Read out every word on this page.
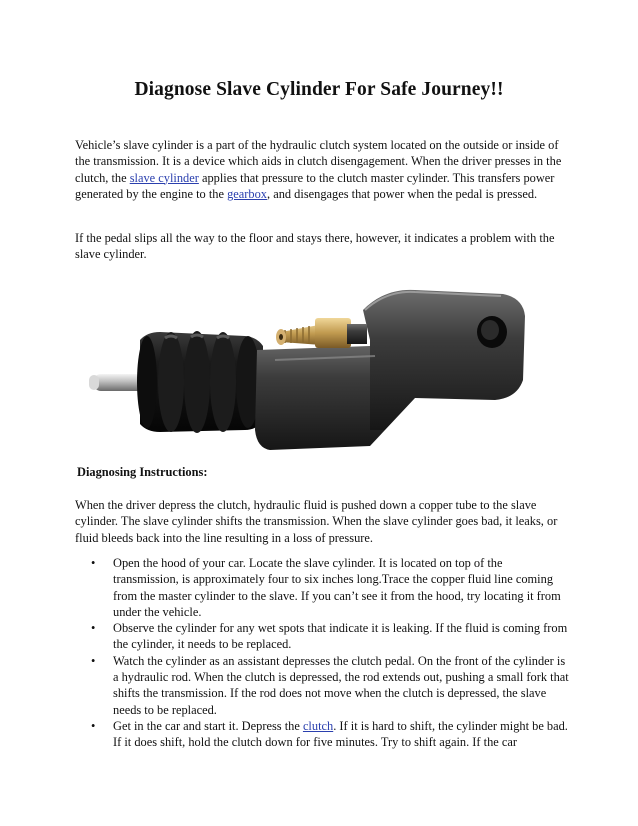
Diagnose Slave Cylinder For Safe Journey!!

Vehicle’s slave cylinder is a part of the hydraulic clutch system located on the outside or inside of the transmission. It is a device which aids in clutch disengagement. When the driver presses in the clutch, the slave cylinder applies that pressure to the clutch master cylinder. This transfers power generated by the engine to the gearbox, and disengages that power when the pedal is pressed.

If the pedal slips all the way to the floor and stays there, however, it indicates a problem with the slave cylinder.

Diagnosing Instructions:

When the driver depress the clutch, hydraulic fluid is pushed down a copper tube to the slave cylinder. The slave cylinder shifts the transmission. When the slave cylinder goes bad, it leaks, or fluid bleeds back into the line resulting in a loss of pressure.

• Open the hood of your car. Locate the slave cylinder. It is located on top of the transmission, is approximately four to six inches long.Trace the copper fluid line coming from the master cylinder to the slave. If you can’t see it from the hood, try locating it from under the vehicle.
• Observe the cylinder for any wet spots that indicate it is leaking. If the fluid is coming from the cylinder, it needs to be replaced.
• Watch the cylinder as an assistant depresses the clutch pedal. On the front of the cylinder is a hydraulic rod. When the clutch is depressed, the rod extends out, pushing a small fork that shifts the transmission. If the rod does not move when the clutch is depressed, the slave needs to be replaced.
• Get in the car and start it. Depress the clutch. If it is hard to shift, the cylinder might be bad. If it does shift, hold the clutch down for five minutes. Try to shift again. If the car
